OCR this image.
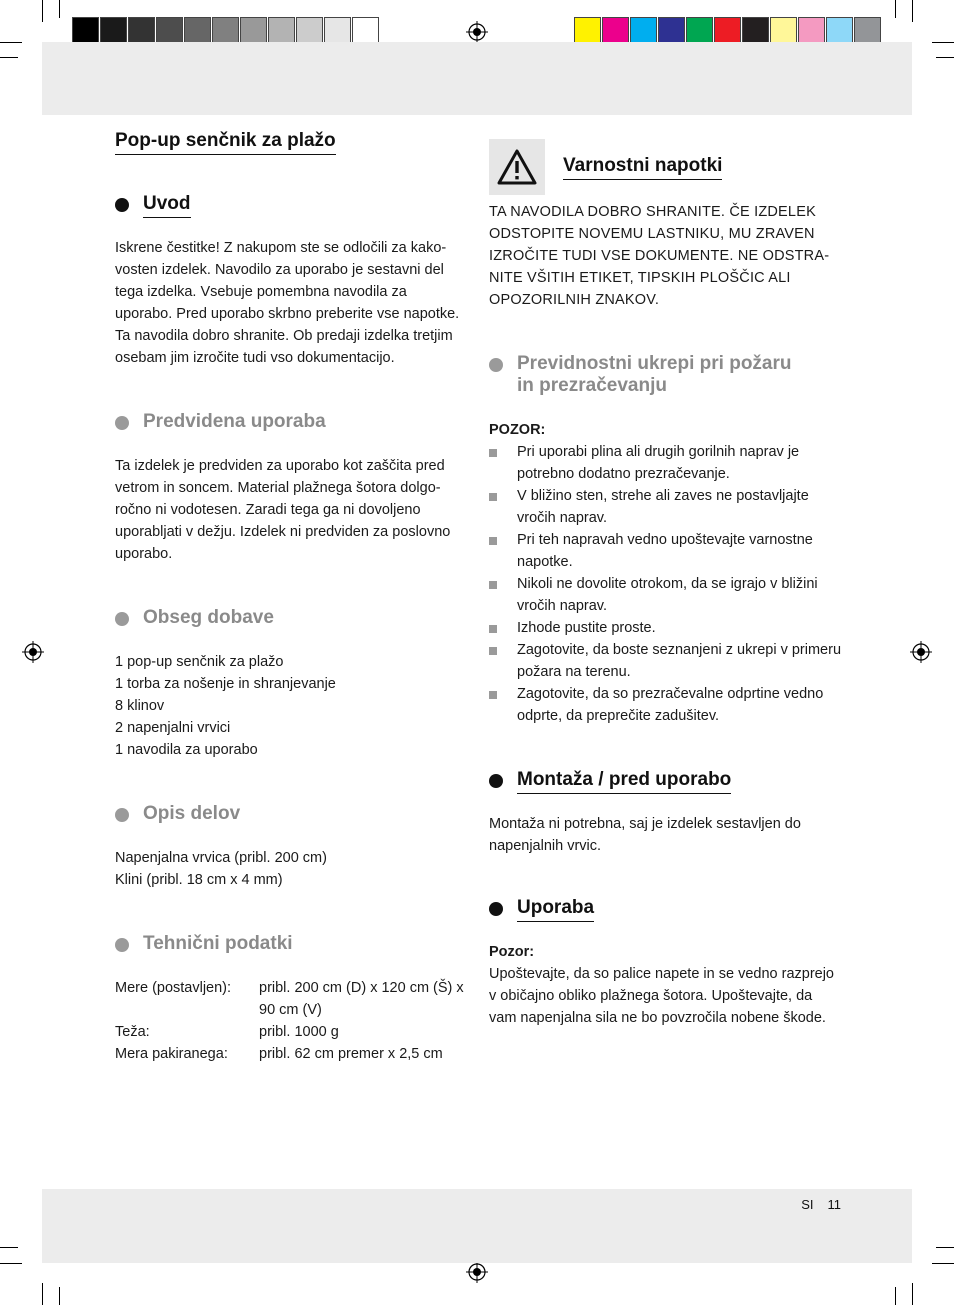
Pop-up senčnik za plažo
Uvod

Iskrene čestitke! Z nakupom ste se odločili za kakovosten izdelek. Navodilo za uporabo je sestavni del tega izdelka. Vsebuje pomembna navodila za uporabo. Pred uporabo skrbno preberite vse napotke. Ta navodila dobro shranite. Ob predaji izdelka tretjim osebam jim izročite tudi vso dokumentacijo.

Predvidena uporaba

Ta izdelek je predviden za uporabo kot zaščita pred vetrom in soncem. Material plažnega šotora dolgoročno ni vodotesen. Zaradi tega ga ni dovoljeno uporabljati v dežju. Izdelek ni predviden za poslovno uporabo.

Obseg dobave

1 pop-up senčnik za plažo

1 torba za nošenje in shranjevanje

8 klinov

2 napenjalni vrvici

1 navodila za uporabo

Opis delov

Napenjalna vrvica (pribl. 200 cm)

Klini (pribl. 18 cm x 4 mm)

Tehnični podatki
Mere (postavljen):	pribl. 200 cm (D) x 120 cm (Š) x 90 cm (V)
Teža:	pribl. 1000 g
Mera pakiranega:	pribl. 62 cm premer x 2,5 cm
Varnostni napotki

TA NAVODILA DOBRO SHRANITE. ČE IZDELEK ODSTOPITE NOVEMU LASTNIKU, MU ZRAVEN IZROČITE TUDI VSE DOKUMENTE. NE ODSTRANITE VŠITIH ETIKET, TIPSKIH PLOŠČIC ALI OPOZORILNIH ZNAKOV.

Previdnostni ukrepi pri požaru
in prezračevanju

POZOR:

Pri uporabi plina ali drugih gorilnih naprav je potrebno dodatno prezračevanje.
V bližino sten, strehe ali zaves ne postavljajte vročih naprav.
Pri teh napravah vedno upoštevajte varnostne napotke.
Nikoli ne dovolite otrokom, da se igrajo v bližini vročih naprav.
Izhode pustite proste.
Zagotovite, da boste seznanjeni z ukrepi v primeru požara na terenu.
Zagotovite, da so prezračevalne odprtine vedno odprte, da preprečite zadušitev.
Montaža / pred uporabo

Montaža ni potrebna, saj je izdelek sestavljen do napenjalnih vrvic.

Uporaba

Pozor:

Upoštevajte, da so palice napete in se vedno razprejo v običajno obliko plažnega šotora. Upoštevajte, da vam napenjalna sila ne bo povzročila nobene škode.

SI 11
